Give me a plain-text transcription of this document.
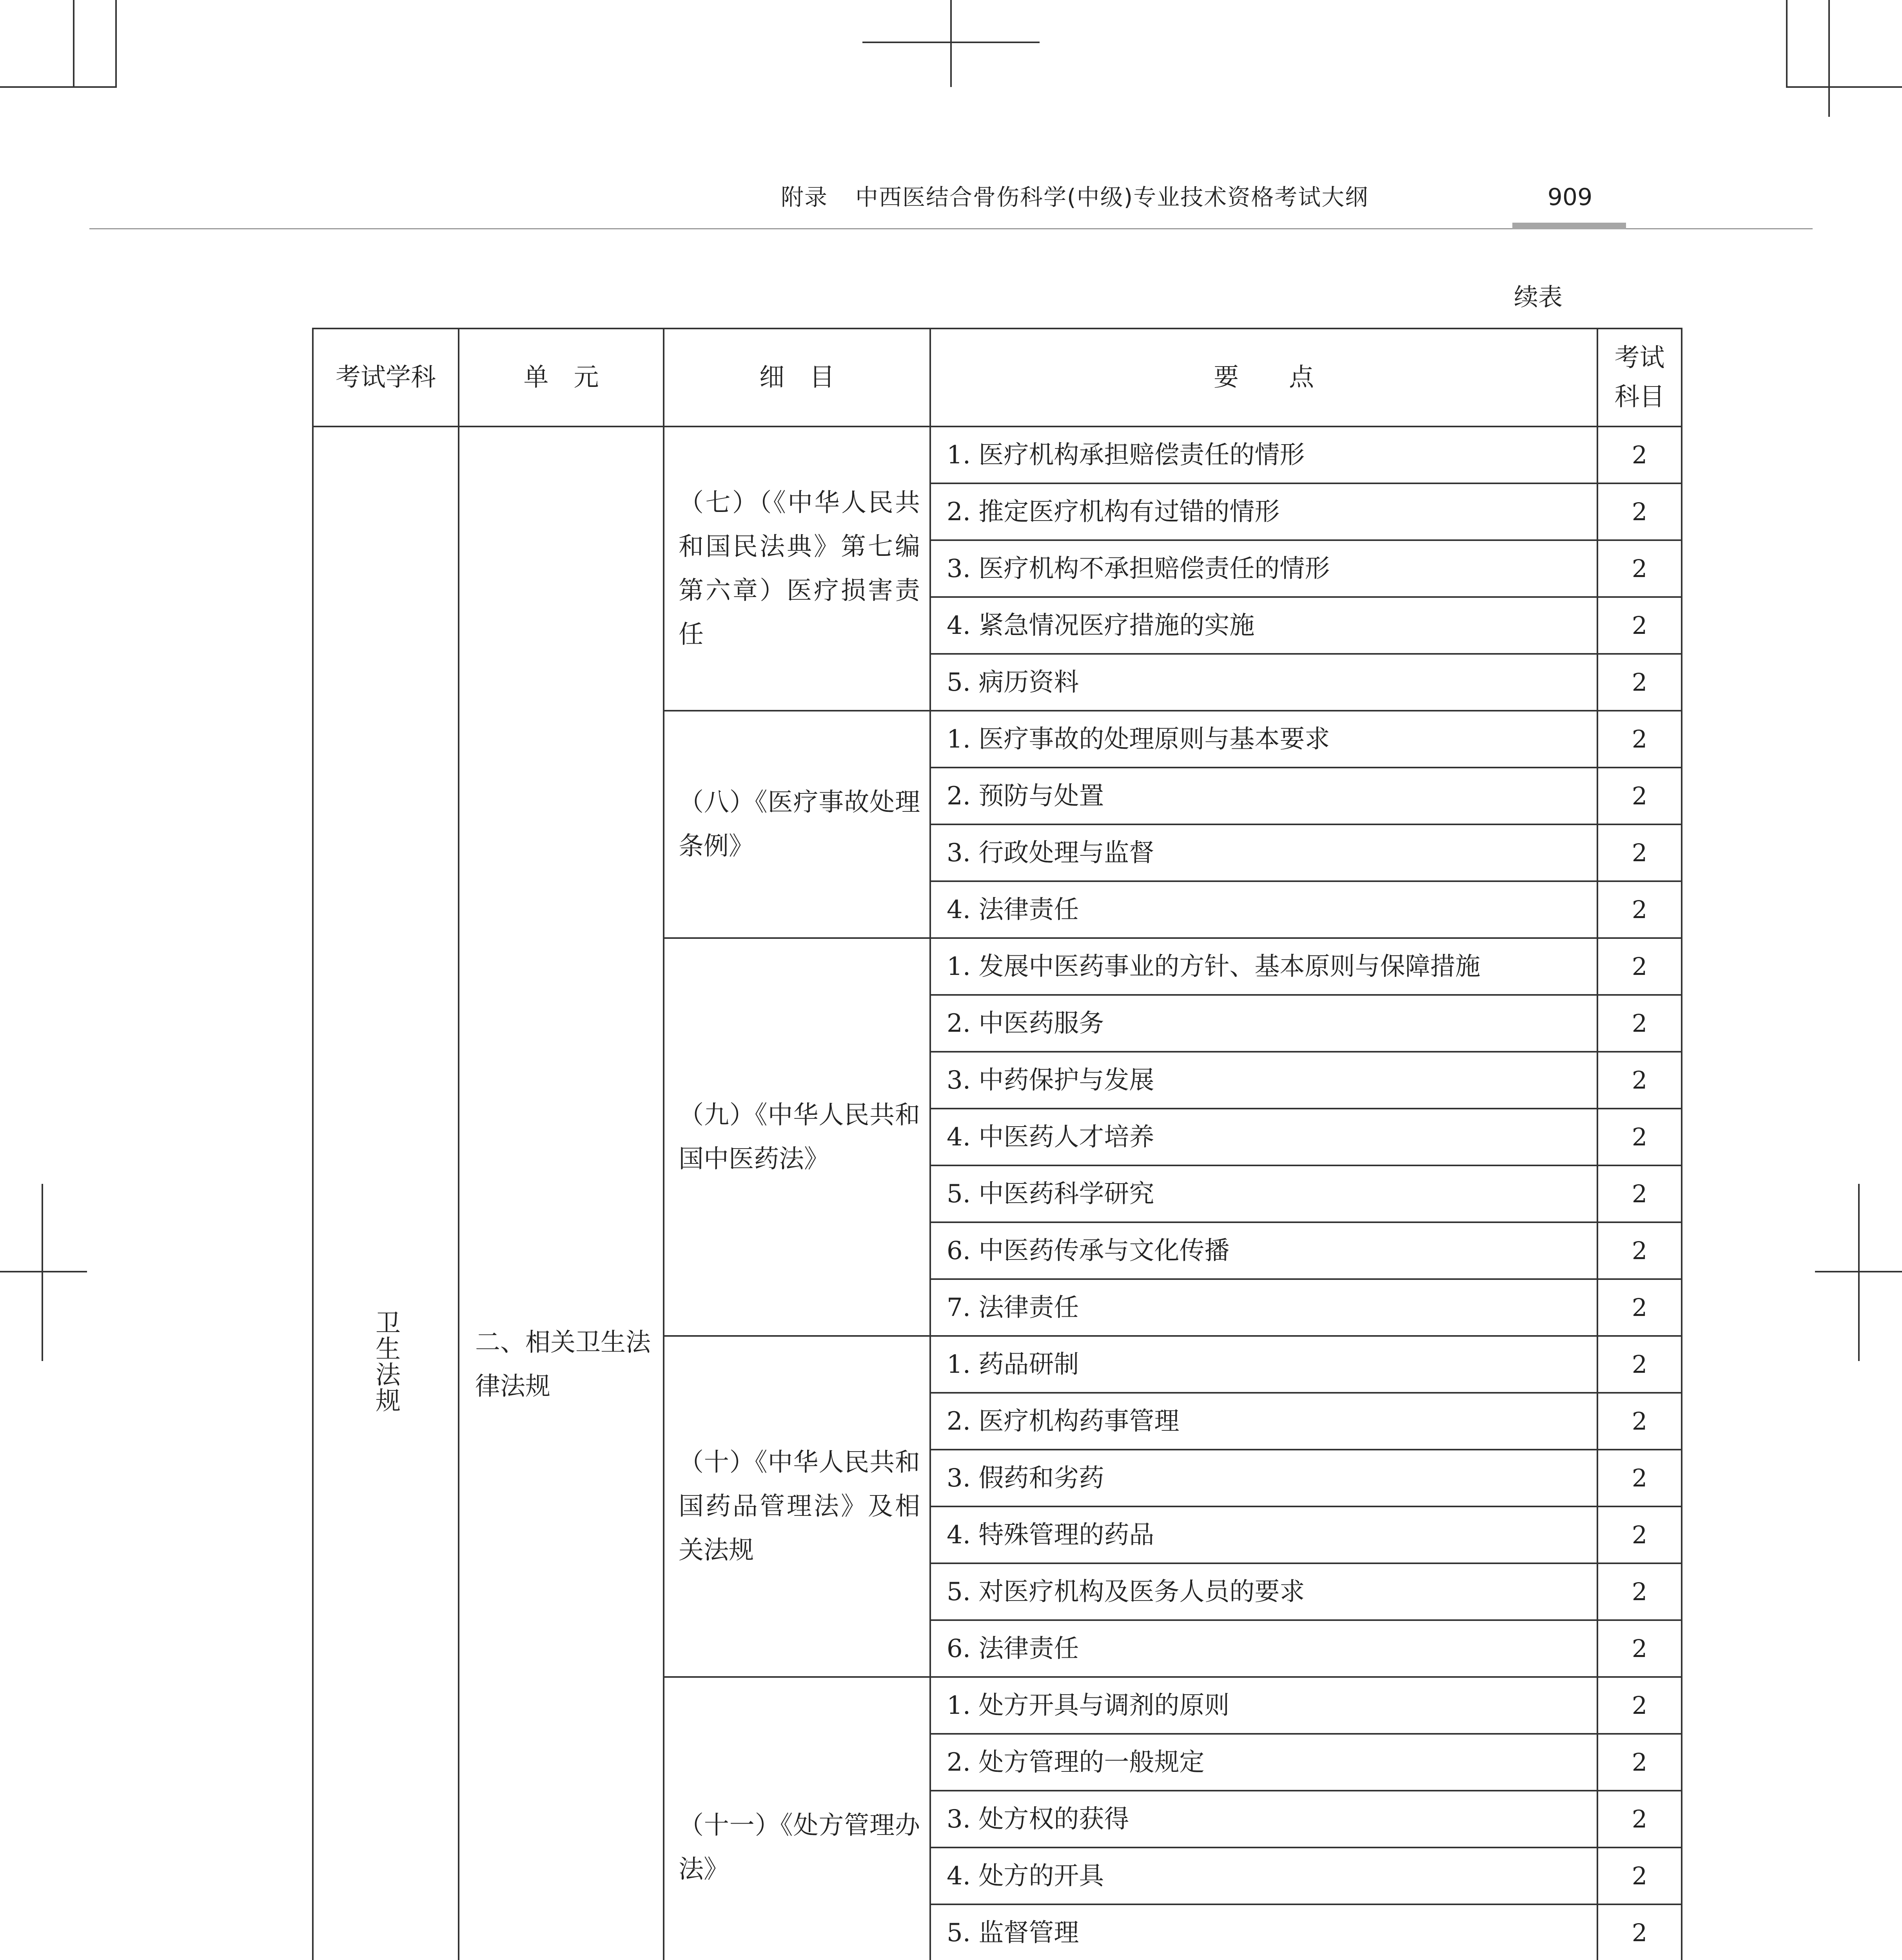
附录 中西医结合骨伤科学(中级)专业技术资格考试大纲	909
续表
考试学科	单　元	细　目	要　　点	考试科目
卫生法规	二、相关卫生法律法规	（七）（《中华人民共和国民法典》第七编第六章）医疗损害责任	1. 医疗机构承担赔偿责任的情形	2
			2. 推定医疗机构有过错的情形	2
			3. 医疗机构不承担赔偿责任的情形	2
			4. 紧急情况医疗措施的实施	2
			5. 病历资料	2
		（八）《医疗事故处理条例》	1. 医疗事故的处理原则与基本要求	2
			2. 预防与处置	2
			3. 行政处理与监督	2
			4. 法律责任	2
		（九）《中华人民共和国中医药法》	1. 发展中医药事业的方针、基本原则与保障措施	2
			2. 中医药服务	2
			3. 中药保护与发展	2
			4. 中医药人才培养	2
			5. 中医药科学研究	2
			6. 中医药传承与文化传播	2
			7. 法律责任	2
		（十）《中华人民共和国药品管理法》及相关法规	1. 药品研制	2
			2. 医疗机构药事管理	2
			3. 假药和劣药	2
			4. 特殊管理的药品	2
			5. 对医疗机构及医务人员的要求	2
			6. 法律责任	2
		（十一）《处方管理办法》	1. 处方开具与调剂的原则	2
			2. 处方管理的一般规定	2
			3. 处方权的获得	2
			4. 处方的开具	2
			5. 监督管理	2
